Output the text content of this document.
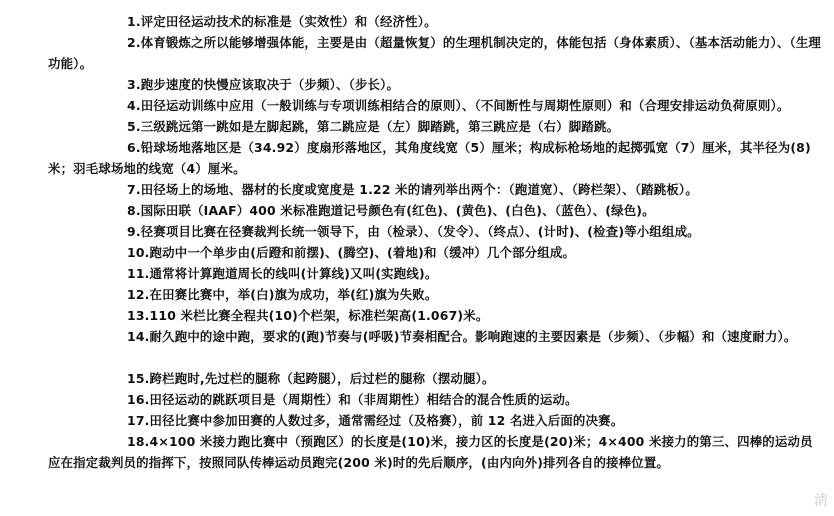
1.评定田径运动技术的标准是（实效性）和（经济性）。

2.体育锻炼之所以能够增强体能，主要是由（超量恢复）的生理机制决定的，体能包括（身体素质）、（基本活动能力）、（生理功能）。

3.跑步速度的快慢应该取决于（步频）、（步长）。

4.田径运动训练中应用（一般训练与专项训练相结合的原则）、（不间断性与周期性原则）和（合理安排运动负荷原则）。

5.三级跳远第一跳如是左脚起跳，第二跳应是（左）脚踏跳，第三跳应是（右）脚踏跳。

6.铅球场地落地区是（34.92）度扇形落地区，其角度线宽（5）厘米；构成标枪场地的起掷弧宽（7）厘米，其半径为(8)米；羽毛球场地的线宽（4）厘米。

7.田径场上的场地、器材的长度或宽度是 1.22 米的请列举出两个：（跑道宽）、（跨栏架）、（踏跳板）。

8.国际田联（IAAF）400 米标准跑道记号颜色有(红色)、(黄色)、(白色)、（蓝色）、(绿色)。

9.径赛项目比赛在径赛裁判长统一领导下，由（检录）、（发令）、（终点）、(计时)、(检查)等小组组成。

10.跑动中一个单步由(后蹬和前摆)、(腾空)、(着地)和（缓冲）几个部分组成。

11.通常将计算跑道周长的线叫(计算线)又叫(实跑线)。

12.在田赛比赛中，举(白)旗为成功，举(红)旗为失败。

13.110 米栏比赛全程共(10)个栏架，标准栏架高(1.067)米。

14.耐久跑中的途中跑，要求的(跑)节奏与(呼吸)节奏相配合。影响跑速的主要因素是（步频）、（步幅）和（速度耐力）。

15.跨栏跑时,先过栏的腿称（起跨腿），后过栏的腿称（摆动腿）。

16.田径运动的跳跃项目是（周期性）和（非周期性）相结合的混合性质的运动。

17.田径比赛中参加田赛的人数过多，通常需经过（及格赛），前 12 名进入后面的决赛。

18.4×100 米接力跑比赛中（预跑区）的长度是(10)米，接力区的长度是(20)米；4×400 米接力的第三、四棒的运动员应在指定裁判员的指挥下，按照同队传棒运动员跑完(200 米)时的先后顺序，(由内向外)排列各自的接棒位置。

淸
